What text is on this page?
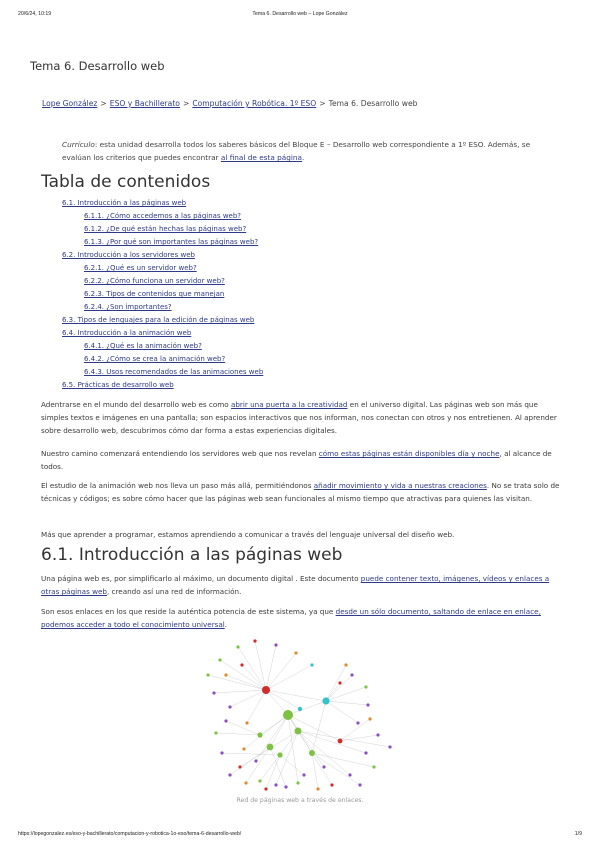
20/6/24, 10:19	Tema 6. Desarrollo web – Lope González
Tema 6. Desarrollo web
Lope González > ESO y Bachillerato > Computación y Robótica. 1º ESO > Tema 6. Desarrollo web

Currículo: esta unidad desarrolla todos los saberes básicos del Bloque E – Desarrollo web correspondiente a 1º ESO. Además, se evalúan los criterios que puedes encontrar al final de esta página.

Tabla de contenidos
6.1. Introducción a las páginas web
6.1.1. ¿Cómo accedemos a las páginas web?
6.1.2. ¿De qué están hechas las páginas web?
6.1.3. ¿Por qué son importantes las páginas web?
6.2. Introducción a los servidores web
6.2.1. ¿Qué es un servidor web?
6.2.2. ¿Cómo funciona un servidor web?
6.2.3. Tipos de contenidos que manejan
6.2.4. ¿Son importantes?
6.3. Tipos de lenguajes para la edición de páginas web
6.4. Introducción a la animación web
6.4.1. ¿Qué es la animación web?
6.4.2. ¿Cómo se crea la animación web?
6.4.3. Usos recomendados de las animaciones web
6.5. Prácticas de desarrollo web

Adentrarse en el mundo del desarrollo web es como abrir una puerta a la creatividad en el universo digital. Las páginas web son más que simples textos e imágenes en una pantalla; son espacios interactivos que nos informan, nos conectan con otros y nos entretienen. Al aprender sobre desarrollo web, descubrimos cómo dar forma a estas experiencias digitales.

Nuestro camino comenzará entendiendo los servidores web que nos revelan cómo estas páginas están disponibles día y noche, al alcance de todos.

El estudio de la animación web nos lleva un paso más allá, permitiéndonos añadir movimiento y vida a nuestras creaciones. No se trata solo de técnicas y códigos; es sobre cómo hacer que las páginas web sean funcionales al mismo tiempo que atractivas para quienes las visitan.

Más que aprender a programar, estamos aprendiendo a comunicar a través del lenguaje universal del diseño web.

6.1. Introducción a las páginas web

Una página web es, por simplificarlo al máximo, un documento digital . Este documento puede contener texto, imágenes, vídeos y enlaces a otras páginas web, creando así una red de información.

Son esos enlaces en los que reside la auténtica potencia de este sistema, ya que desde un sólo documento, saltando de enlace en enlace, podemos acceder a todo el conocimiento universal.

Red de páginas web a través de enlaces.
https://lopegonzalez.es/eso-y-bachillerato/computacion-y-robotica-1o-eso/tema-6-desarrollo-web/	1/9
